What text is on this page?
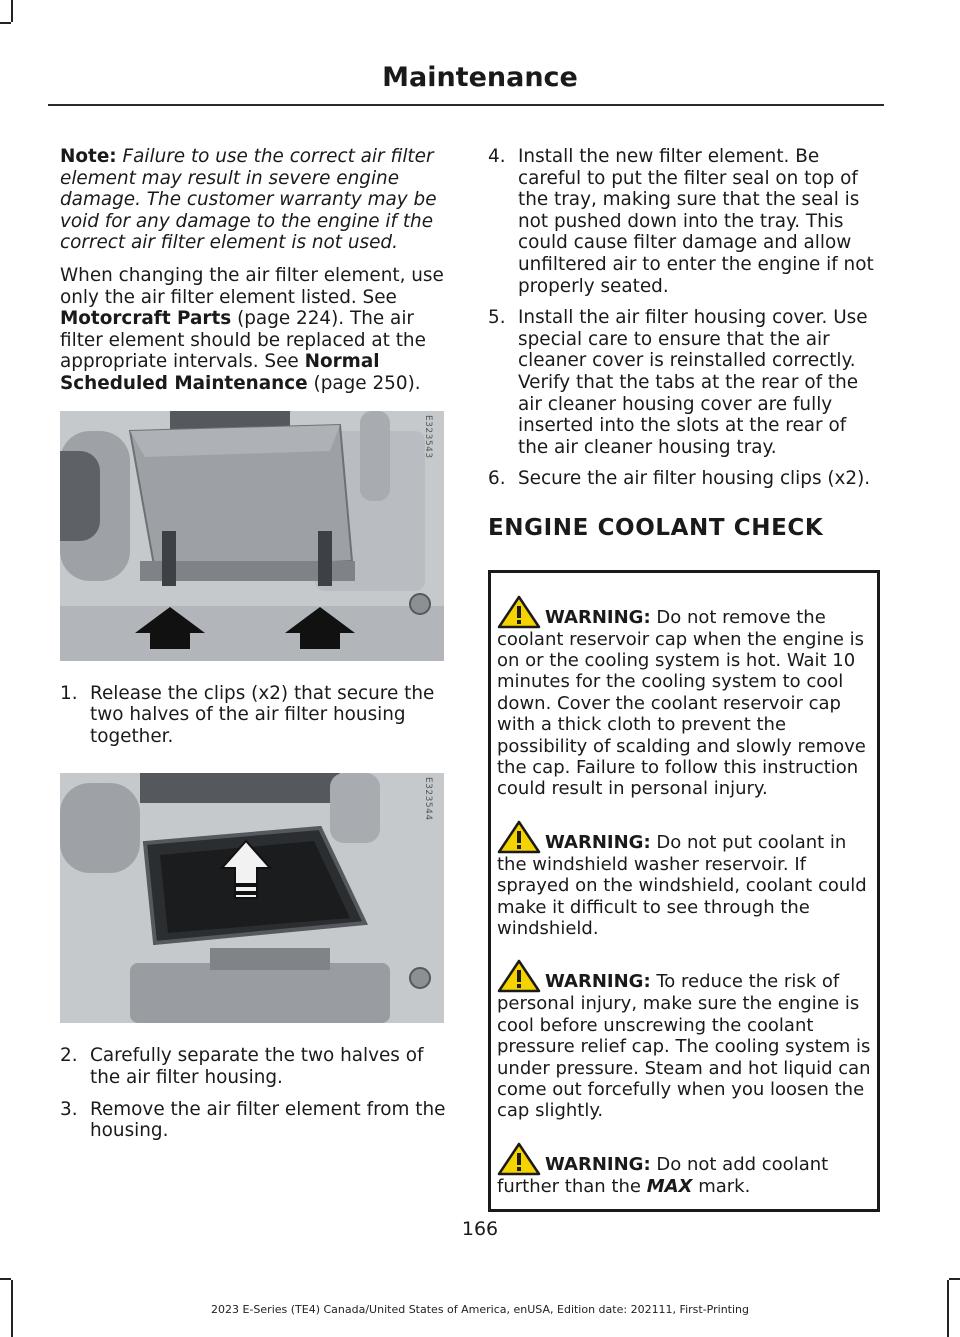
Maintenance

Note: Failure to use the correct air filter element may result in severe engine damage. The customer warranty may be void for any damage to the engine if the correct air filter element is not used.

When changing the air filter element, use only the air filter element listed. See Motorcraft Parts (page 224). The air filter element should be replaced at the appropriate intervals. See Normal Scheduled Maintenance (page 250).

E323543
1. Release the clips (x2) that secure the two halves of the air filter housing together.
E323544
2. Carefully separate the two halves of the air filter housing.
3. Remove the air filter element from the housing.
4. Install the new filter element. Be careful to put the filter seal on top of the tray, making sure that the seal is not pushed down into the tray. This could cause filter damage and allow unfiltered air to enter the engine if not properly seated.
5. Install the air filter housing cover. Use special care to ensure that the air cleaner cover is reinstalled correctly. Verify that the tabs at the rear of the air cleaner housing cover are fully inserted into the slots at the rear of the air cleaner housing tray.
6. Secure the air filter housing clips (x2).
ENGINE COOLANT CHECK

WARNING: Do not remove the coolant reservoir cap when the engine is on or the cooling system is hot. Wait 10 minutes for the cooling system to cool down. Cover the coolant reservoir cap with a thick cloth to prevent the possibility of scalding and slowly remove the cap. Failure to follow this instruction could result in personal injury.

WARNING: Do not put coolant in the windshield washer reservoir. If sprayed on the windshield, coolant could make it difficult to see through the windshield.

WARNING: To reduce the risk of personal injury, make sure the engine is cool before unscrewing the coolant pressure relief cap. The cooling system is under pressure. Steam and hot liquid can come out forcefully when you loosen the cap slightly.

WARNING: Do not add coolant further than the MAX mark.

166
2023 E-Series (TE4) Canada/United States of America, enUSA, Edition date: 202111, First-Printing
